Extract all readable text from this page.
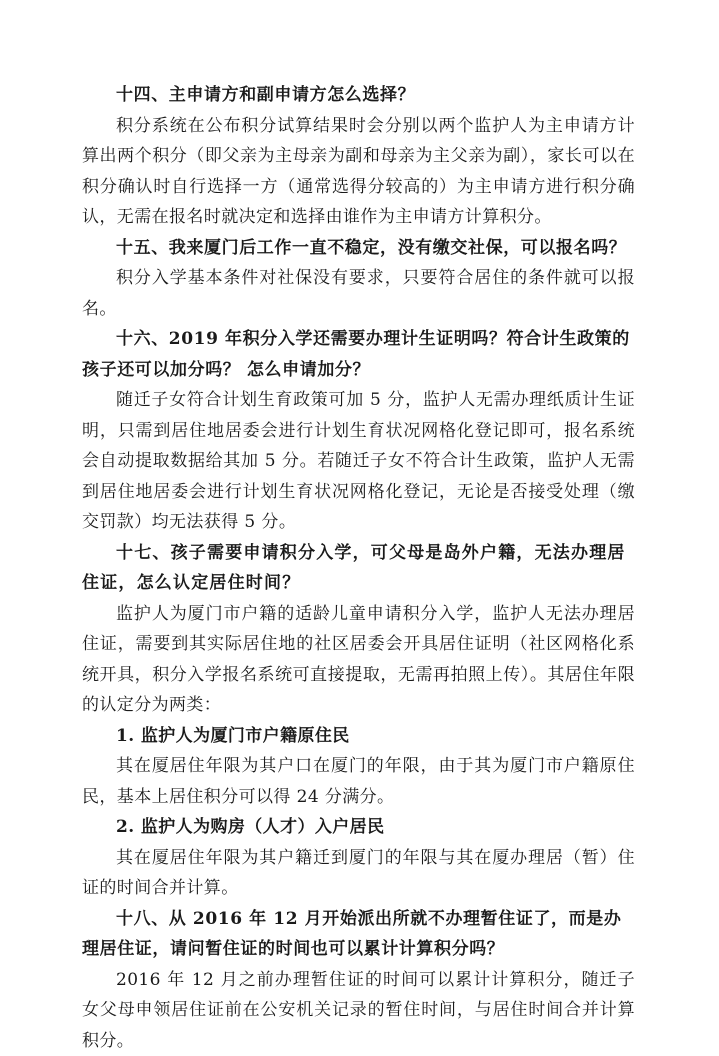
十四、主申请方和副申请方怎么选择？

积分系统在公布积分试算结果时会分别以两个监护人为主申请方计算出两个积分（即父亲为主母亲为副和母亲为主父亲为副），家长可以在积分确认时自行选择一方（通常选得分较高的）为主申请方进行积分确认，无需在报名时就决定和选择由谁作为主申请方计算积分。

十五、我来厦门后工作一直不稳定，没有缴交社保，可以报名吗？

积分入学基本条件对社保没有要求，只要符合居住的条件就可以报名。

十六、2019 年积分入学还需要办理计生证明吗？符合计生政策的孩子还可以加分吗？ 怎么申请加分？

随迁子女符合计划生育政策可加 5 分，监护人无需办理纸质计生证明，只需到居住地居委会进行计划生育状况网格化登记即可，报名系统会自动提取数据给其加 5 分。若随迁子女不符合计生政策，监护人无需到居住地居委会进行计划生育状况网格化登记，无论是否接受处理（缴交罚款）均无法获得 5 分。

十七、孩子需要申请积分入学，可父母是岛外户籍，无法办理居住证，怎么认定居住时间？

监护人为厦门市户籍的适龄儿童申请积分入学，监护人无法办理居住证，需要到其实际居住地的社区居委会开具居住证明（社区网格化系统开具，积分入学报名系统可直接提取，无需再拍照上传）。其居住年限的认定分为两类：

1. 监护人为厦门市户籍原住民

其在厦居住年限为其户口在厦门的年限，由于其为厦门市户籍原住民，基本上居住积分可以得 24 分满分。

2. 监护人为购房（人才）入户居民

其在厦居住年限为其户籍迁到厦门的年限与其在厦办理居（暂）住证的时间合并计算。

十八、从 2016 年 12 月开始派出所就不办理暂住证了，而是办理居住证，请问暂住证的时间也可以累计计算积分吗？

2016 年 12 月之前办理暂住证的时间可以累计计算积分，随迁子女父母申领居住证前在公安机关记录的暂住时间，与居住时间合并计算积分。
